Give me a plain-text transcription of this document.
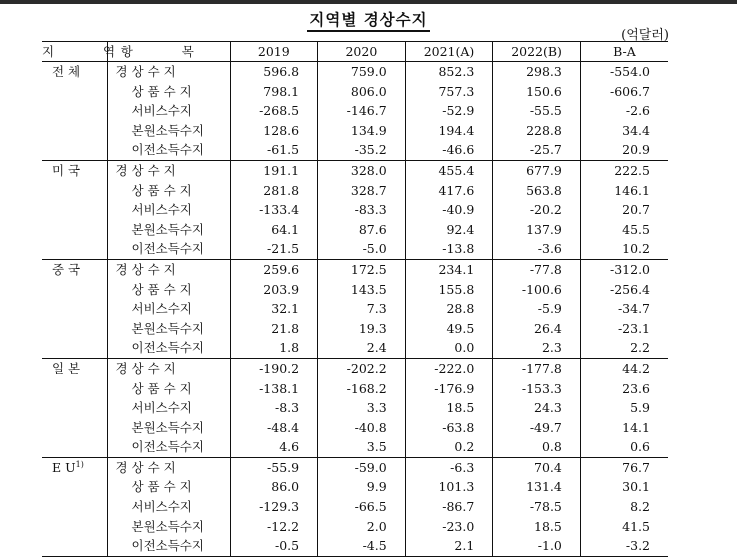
지역별 경상수지
(억달러)
지 역	항 목	2019	2020	2021(A)	2022(B)	B-A
전 체	경 상 수 지	596.8	759.0	852.3	298.3	-554.0
	상 품 수 지	798.1	806.0	757.3	150.6	-606.7
	서비스수지	-268.5	-146.7	-52.9	-55.5	-2.6
	본원소득수지	128.6	134.9	194.4	228.8	34.4
	이전소득수지	-61.5	-35.2	-46.6	-25.7	20.9
미 국	경 상 수 지	191.1	328.0	455.4	677.9	222.5
	상 품 수 지	281.8	328.7	417.6	563.8	146.1
	서비스수지	-133.4	-83.3	-40.9	-20.2	20.7
	본원소득수지	64.1	87.6	92.4	137.9	45.5
	이전소득수지	-21.5	-5.0	-13.8	-3.6	10.2
중 국	경 상 수 지	259.6	172.5	234.1	-77.8	-312.0
	상 품 수 지	203.9	143.5	155.8	-100.6	-256.4
	서비스수지	32.1	7.3	28.8	-5.9	-34.7
	본원소득수지	21.8	19.3	49.5	26.4	-23.1
	이전소득수지	1.8	2.4	0.0	2.3	2.2
일 본	경 상 수 지	-190.2	-202.2	-222.0	-177.8	44.2
	상 품 수 지	-138.1	-168.2	-176.9	-153.3	23.6
	서비스수지	-8.3	3.3	18.5	24.3	5.9
	본원소득수지	-48.4	-40.8	-63.8	-49.7	14.1
	이전소득수지	4.6	3.5	0.2	0.8	0.6
E $U^{1)}$	경 상 수 지	-55.9	-59.0	-6.3	70.4	76.7
	상 품 수 지	86.0	9.9	101.3	131.4	30.1
	서비스수지	-129.3	-66.5	-86.7	-78.5	8.2
	본원소득수지	-12.2	2.0	-23.0	18.5	41.5
	이전소득수지	-0.5	-4.5	2.1	-1.0	-3.2
